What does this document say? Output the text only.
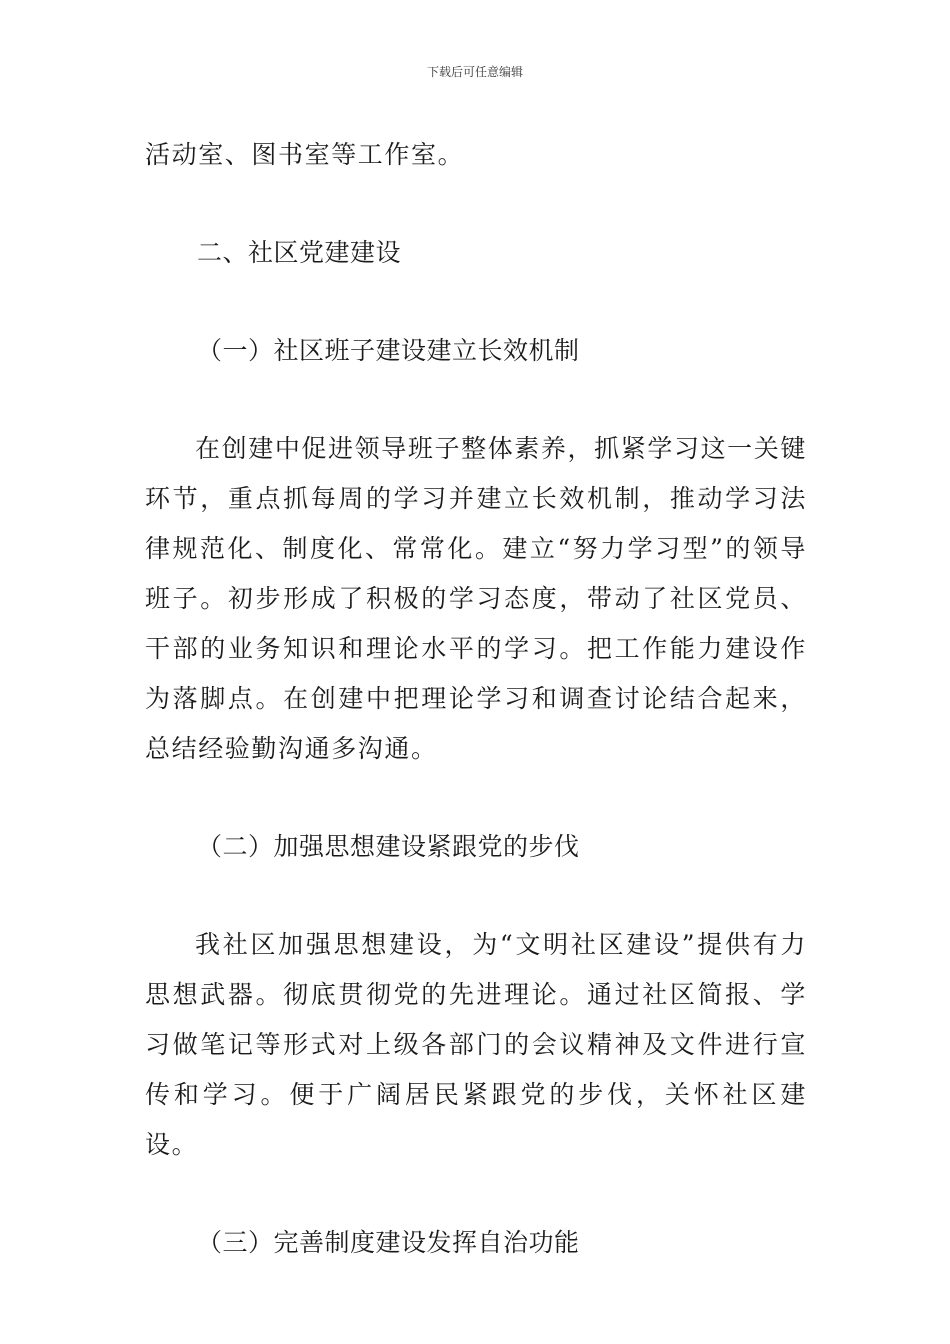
下载后可任意编辑

活动室、图书室等工作室。

二、社区党建建设

（一）社区班子建设建立长效机制

在创建中促进领导班子整体素养，抓紧学习这一关键环节，重点抓每周的学习并建立长效机制，推动学习法律规范化、制度化、常常化。建立“努力学习型”的领导班子。初步形成了积极的学习态度，带动了社区党员、干部的业务知识和理论水平的学习。把工作能力建设作为落脚点。在创建中把理论学习和调查讨论结合起来，总结经验勤沟通多沟通。

（二）加强思想建设紧跟党的步伐

我社区加强思想建设，为“文明社区建设”提供有力思想武器。彻底贯彻党的先进理论。通过社区简报、学习做笔记等形式对上级各部门的会议精神及文件进行宣传和学习。便于广阔居民紧跟党的步伐，关怀社区建设。

（三）完善制度建设发挥自治功能
